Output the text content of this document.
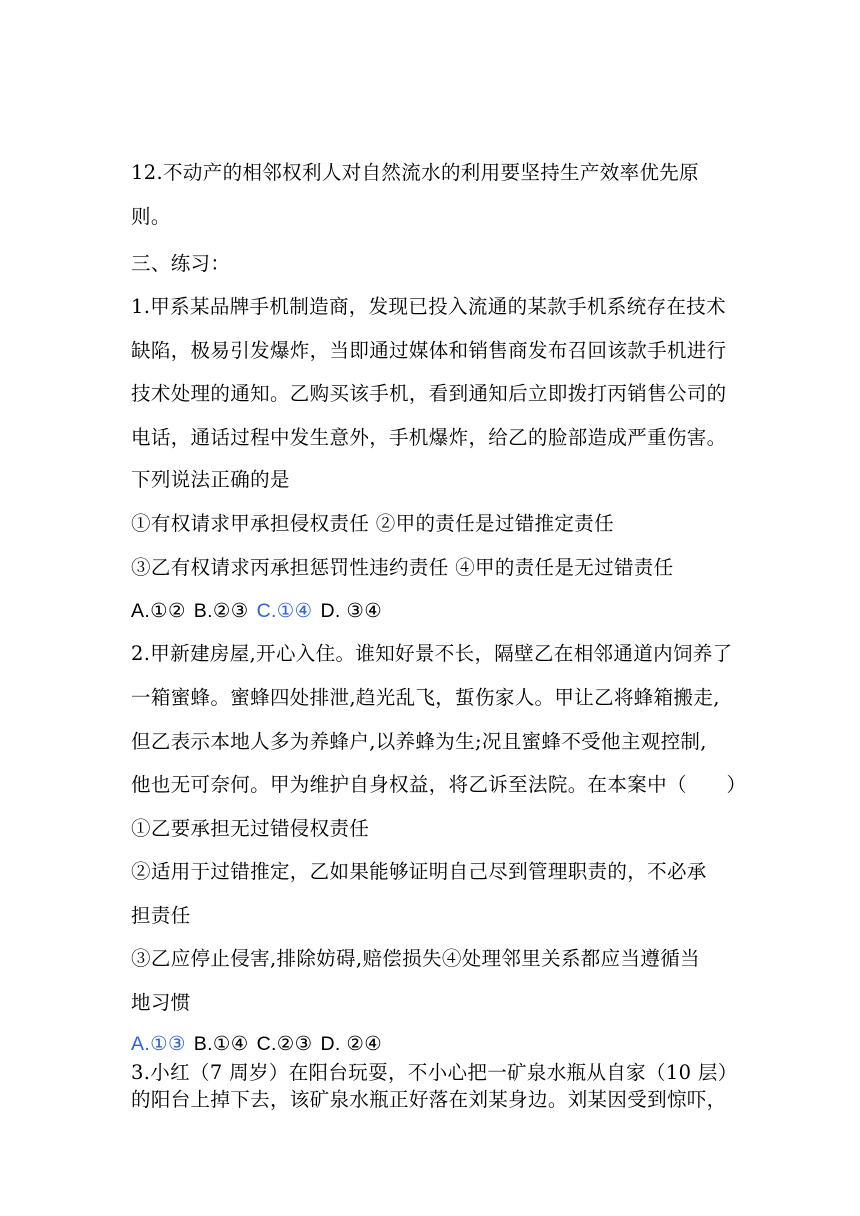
12.不动产的相邻权利人对自然流水的利用要坚持生产效率优先原
则。
三、练习：
1.甲系某品牌手机制造商，发现已投入流通的某款手机系统存在技术
缺陷，极易引发爆炸，当即通过媒体和销售商发布召回该款手机进行
技术处理的通知。乙购买该手机，看到通知后立即拨打丙销售公司的
电话，通话过程中发生意外，手机爆炸，给乙的脸部造成严重伤害。
下列说法正确的是
①有权请求甲承担侵权责任 ②甲的责任是过错推定责任
③乙有权请求丙承担惩罚性违约责任 ④甲的责任是无过错责任
A.①② B.②③ C.①④ D. ③④
2.甲新建房屋,开心入住。谁知好景不长，隔壁乙在相邻通道内饲养了
一箱蜜蜂。蜜蜂四处排泄,趋光乱飞，蜇伤家人。甲让乙将蜂箱搬走,
但乙表示本地人多为养蜂户,以养蜂为生;况且蜜蜂不受他主观控制,
他也无可奈何。甲为维护自身权益，将乙诉至法院。在本案中（　　）
①乙要承担无过错侵权责任
②适用于过错推定，乙如果能够证明自己尽到管理职责的，不必承
担责任
③乙应停止侵害,排除妨碍,赔偿损失④处理邻里关系都应当遵循当
地习惯
A.①③ B.①④ C.②③ D. ②④
3.小红（7 周岁）在阳台玩耍，不小心把一矿泉水瓶从自家（10 层）
的阳台上掉下去，该矿泉水瓶正好落在刘某身边。刘某因受到惊吓，
